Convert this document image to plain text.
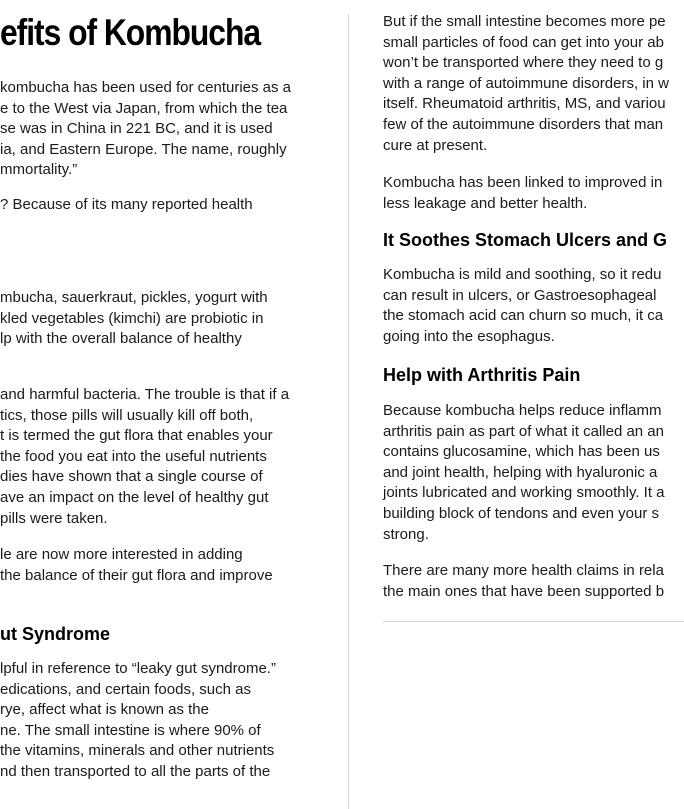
efits of Kombucha
kombucha has been used for centuries as a
e to the West via Japan, from which the tea
se was in China in 221 BC, and it is used
ia, and Eastern Europe. The name, roughly
mmortality.”
? Because of its many reported health
mbucha, sauerkraut, pickles, yogurt with
kled vegetables (kimchi) are probiotic in
lp with the overall balance of healthy
and harmful bacteria. The trouble is that if a
tics, those pills will usually kill off both,
t is termed the gut flora that enables your
the food you eat into the useful nutrients
dies have shown that a single course of
ave an impact on the level of healthy gut
pills were taken.
le are now more interested in adding
the balance of their gut flora and improve
ut Syndrome
lpful in reference to “leaky gut syndrome.”
edications, and certain foods, such as
rye, affect what is known as the
ne. The small intestine is where 90% of
the vitamins, minerals and other nutrients
nd then transported to all the parts of the
But if the small intestine becomes more pe
small particles of food can get into your ab
won’t be transported where they need to g
with a range of autoimmune disorders, in w
itself. Rheumatoid arthritis, MS, and variou
few of the autoimmune disorders that man
cure at present.
Kombucha has been linked to improved in
less leakage and better health.
It Soothes Stomach Ulcers and G
Kombucha is mild and soothing, so it redu
can result in ulcers, or Gastroesophageal
the stomach acid can churn so much, it ca
going into the esophagus.
Help with Arthritis Pain
Because kombucha helps reduce inflamm
arthritis pain as part of what it called an an
contains glucosamine, which has been us
and joint health, helping with hyaluronic a
joints lubricated and working smoothly. It a
building block of tendons and even your s
strong.
There are many more health claims in rela
the main ones that have been supported b
